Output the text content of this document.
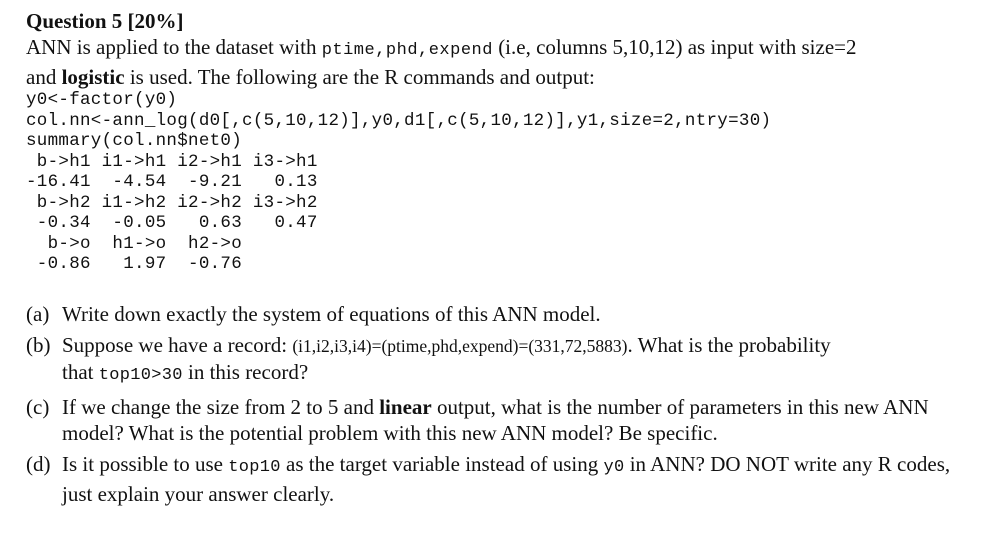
Question 5 [20%]

ANN is applied to the dataset with ptime,phd,expend (i.e, columns 5,10,12) as input with size=2
and logistic is used. The following are the R commands and output:

y0<-factor(y0)
col.nn<-ann_log(d0[,c(5,10,12)],y0,d1[,c(5,10,12)],y1,size=2,ntry=30)
summary(col.nn$net0)
b->h1 i1->h1 i2->h1 i3->h1
-16.41  -4.54  -9.21   0.13
b->h2 i1->h2 i2->h2 i3->h2
-0.34  -0.05   0.63   0.47
b->o  h1->o  h2->o
-0.86   1.97  -0.76
(a) Write down exactly the system of equations of this ANN model.
(b) Suppose we have a record: (i1,i2,i3,i4)=(ptime,phd,expend)=(331,72,5883). What is the probability
that top10>30 in this record?
(c) If we change the size from 2 to 5 and linear output, what is the number of parameters in this new ANN model? What is the potential problem with this new ANN model? Be specific.
(d) Is it possible to use top10 as the target variable instead of using y0 in ANN? DO NOT write any R codes, just explain your answer clearly.
